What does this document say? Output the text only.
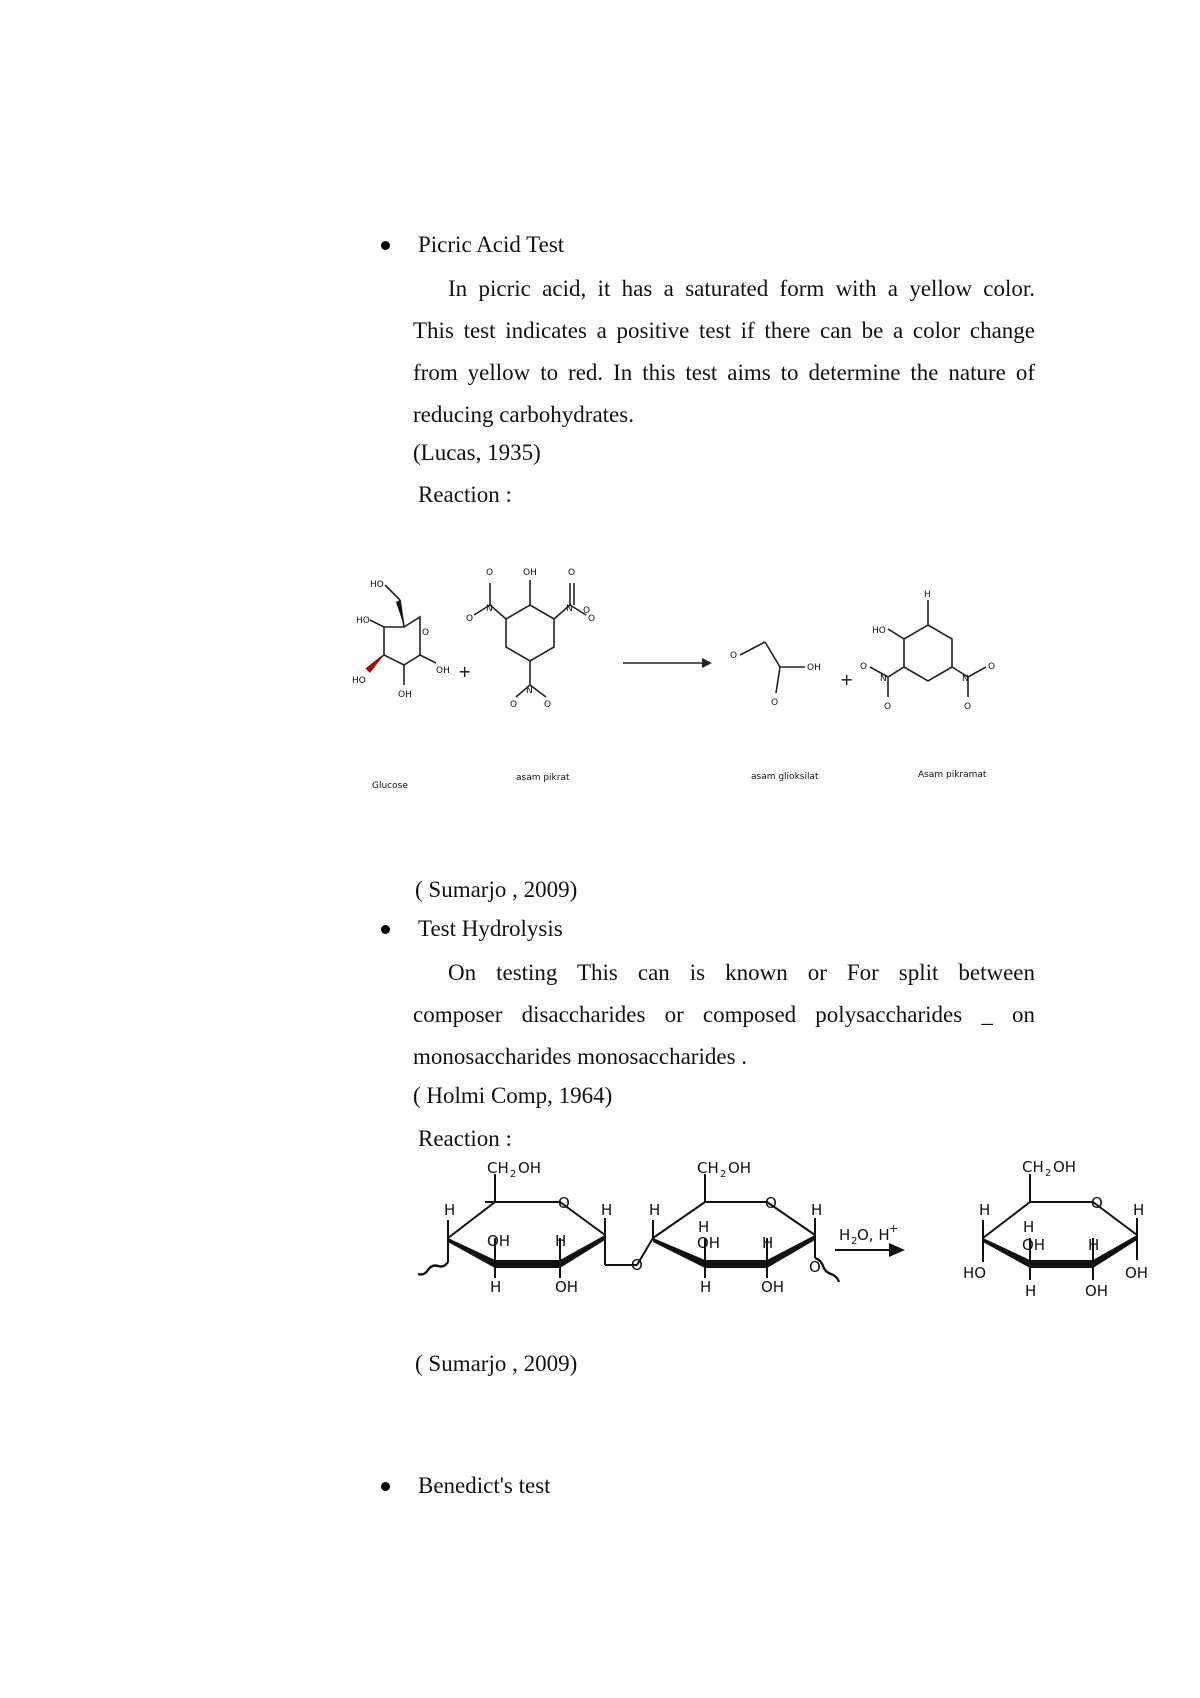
Picric Acid Test

In picric acid, it has a saturated form with a yellow color.

This test indicates a positive test if there can be a color change

from yellow to red. In this test aims to determine the nature of

reducing carbohydrates.

(Lucas, 1935)
Reaction :
HO
HO
HO
O
OH
OH
Glucose
O	OH	O
O
N
O
N
O
N
O
O
asam pikrat
O
OH
O
asam glioksilat
H
HO
O
N
O
N
O
O
Asam pikramat
+	+
( Sumarjo , 2009)
Test Hydrolysis

On testing This can is known or For split between

composer disaccharides or composed polysaccharides _ on

monosaccharides monosaccharides .

( Holmi Comp, 1964)
Reaction :
CH 2 OH
O
H	H
OH	H
H	OH
O
CH 2 OH
O
H	H
H
OH	H
H	OH
O
H 2 O, H +
CH 2 OH
O
H	H
H
OH	H
HO	OH
H	OH
( Sumarjo , 2009)
Benedict's test
